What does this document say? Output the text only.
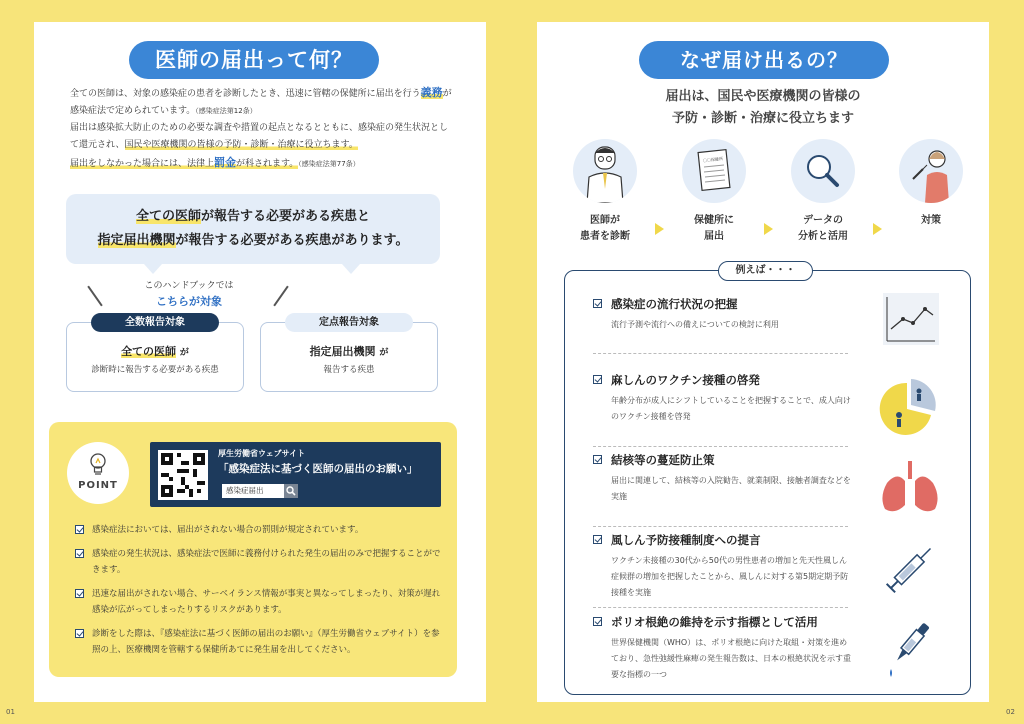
医師の届出って何？

全ての医師は、対象の感染症の患者を診断したとき、迅速に管轄の保健所に届出を行う義務が感染症法で定められています。（感染症法第12条）

届出は感染拡大防止のための必要な調査や措置の起点となるとともに、感染症の発生状況として還元され、国民や医療機関の皆様の予防・診断・治療に役立ちます。

届出をしなかった場合には、法律上罰金が科されます。（感染症法第77条）

全ての医師が報告する必要がある疾患と
指定届出機関が報告する必要がある疾患があります。
このハンドブックでは
こちらが対象
全数報告対象
全ての医師 が
診断時に報告する必要がある疾患
定点報告対象
指定届出機関 が
報告する疾患
POINT
厚生労働省ウェブサイト
「感染症法に基づく医師の届出のお願い」
感染症届出
感染症法においては、届出がされない場合の罰則が規定されています。
感染症の発生状況は、感染症法で医師に義務付けられた発生の届出のみで把握することができます。
迅速な届出がされない場合、サーベイランス情報が事実と異なってしまったり、対策が遅れ感染が広がってしまったりするリスクがあります。
診断をした際は、『感染症法に基づく医師の届出のお願い』（厚生労働省ウェブサイト）を参照の上、医療機関を管轄する保健所あてに発生届を出してください。
01
なぜ届け出るの？
届出は、国民や医療機関の皆様の
予防・診断・治療に役立ちます
医師が
患者を診断
〇〇保健所
保健所に
届出
データの
分析と活用
対策
例えば・・・
感染症の流行状況の把握
流行予測や流行への備えについての検討に利用
麻しんのワクチン接種の啓発
年齢分布が成人にシフトしていることを把握することで、成人向けのワクチン接種を啓発
結核等の蔓延防止策
届出に関連して、結核等の入院勧告、就業制限、接触者調査などを実施
風しん予防接種制度への提言
ワクチン未接種の30代から50代の男性患者の増加と先天性風しん症候群の増加を把握したことから、風しんに対する第5期定期予防接種を実施
ポリオ根絶の維持を示す指標として活用
世界保健機関（WHO）は、ポリオ根絶に向けた取組・対策を進めており、急性弛緩性麻痺の発生報告数は、日本の根絶状況を示す重要な指標の一つ
02
